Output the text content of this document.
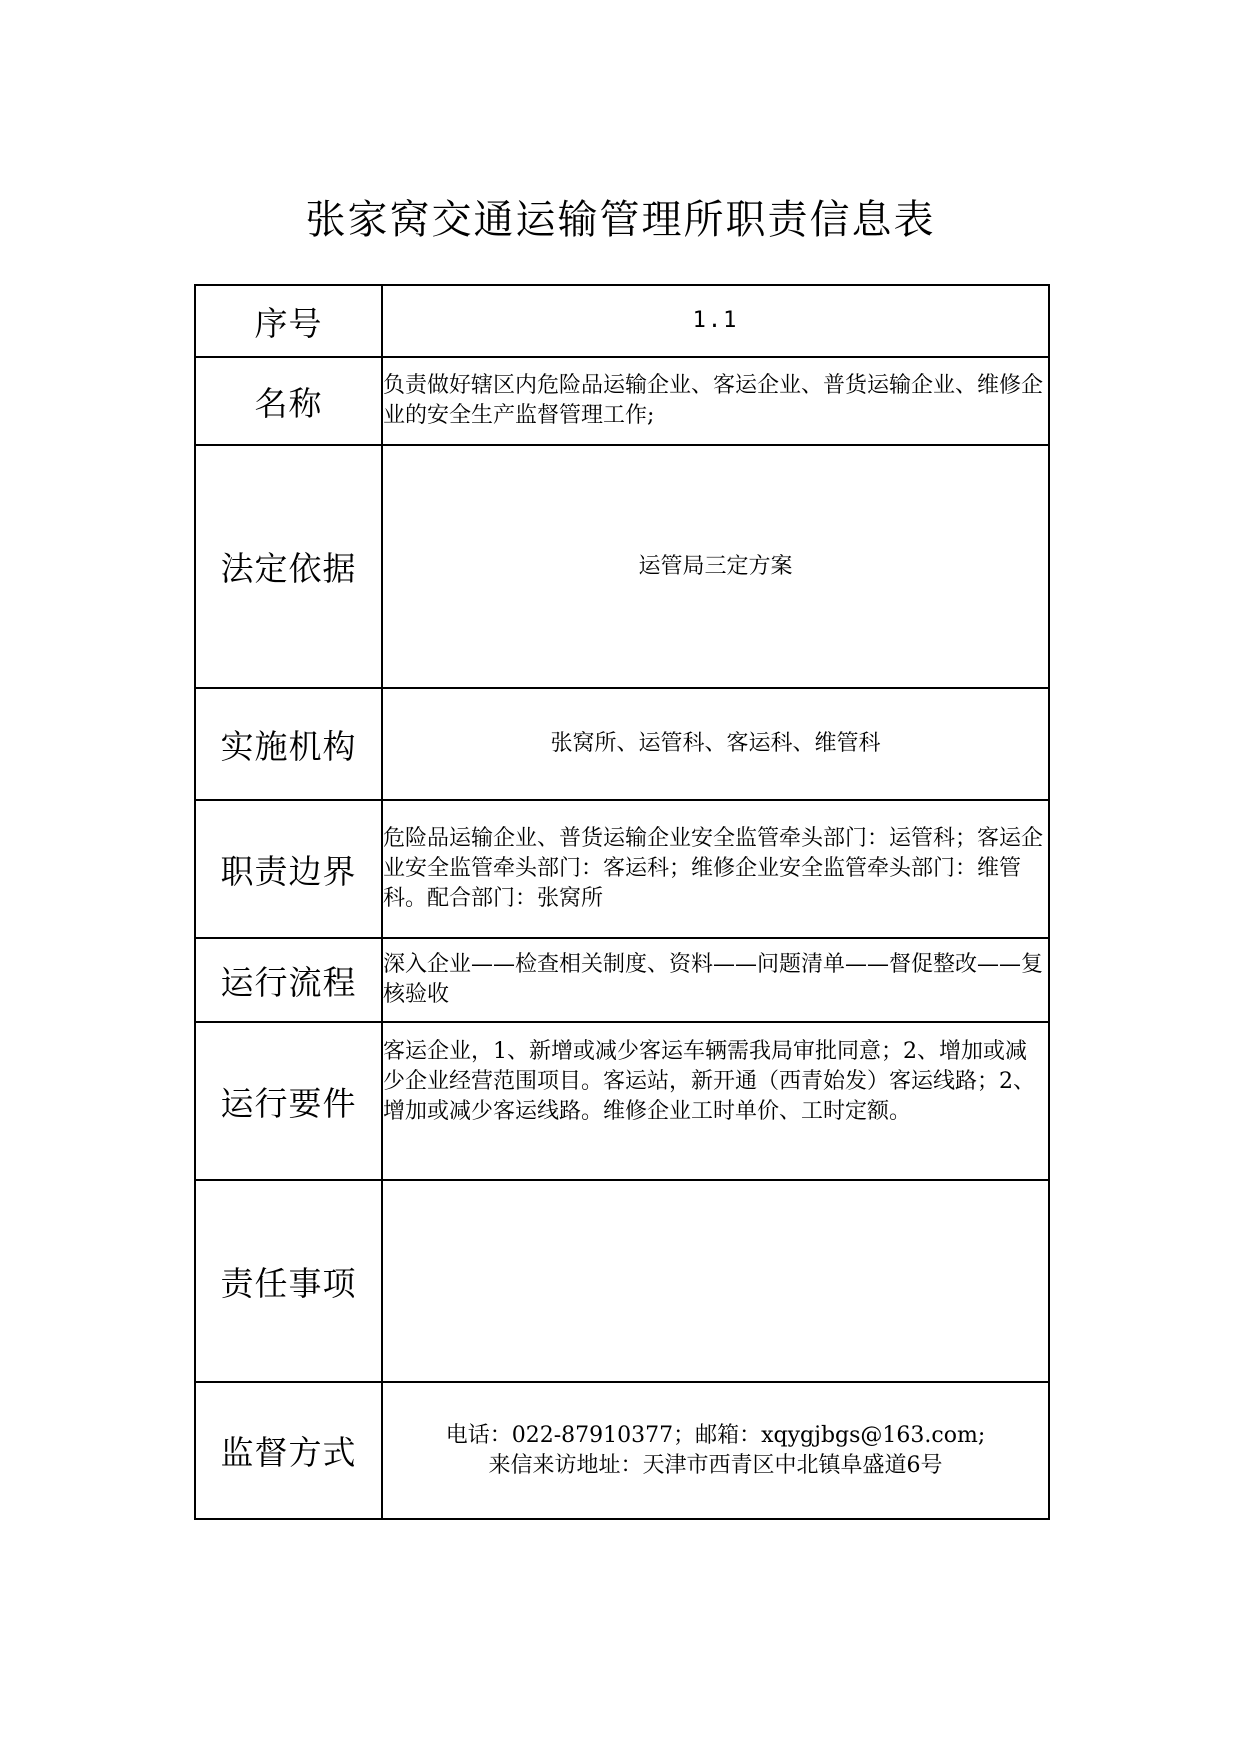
张家窝交通运输管理所职责信息表
序号	1.1
名称	负责做好辖区内危险品运输企业、客运企业、普货运输企业、维修企业的安全生产监督管理工作;
法定依据	运管局三定方案
实施机构	张窝所、运管科、客运科、维管科
职责边界	危险品运输企业、普货运输企业安全监管牵头部门：运管科；客运企业安全监管牵头部门：客运科；维修企业安全监管牵头部门：维管科。配合部门：张窝所
运行流程	深入企业——检查相关制度、资料——问题清单——督促整改——复核验收
运行要件	客运企业，1、新增或减少客运车辆需我局审批同意；2、增加或减少企业经营范围项目。客运站，新开通（西青始发）客运线路；2、增加或减少客运线路。维修企业工时单价、工时定额。
责任事项	
监督方式	电话：022-87910377；邮箱：xqygjbgs@163.com;
来信来访地址：天津市西青区中北镇阜盛道6号
